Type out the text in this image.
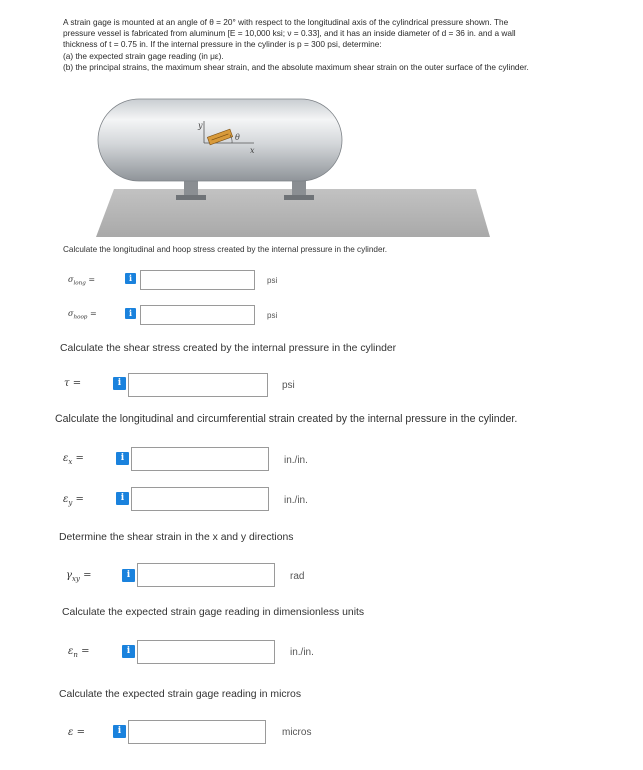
A strain gage is mounted at an angle of θ = 20° with respect to the longitudinal axis of the cylindrical pressure shown. The

pressure vessel is fabricated from aluminum [E = 10,000 ksi; ν = 0.33], and it has an inside diameter of d = 36 in. and a wall

thickness of t = 0.75 in. If the internal pressure in the cylinder is p = 300 psi, determine:

(a) the expected strain gage reading (in με).

(b) the principal strains, the maximum shear strain, and the absolute maximum shear strain on the outer surface of the cylinder.

y
x
θ
Calculate the longitudinal and hoop stress created by the internal pressure in the cylinder.
$\sigma_{long}$ =	i	psi
$\sigma_{hoop}$ =	i	psi
Calculate the shear stress created by the internal pressure in the cylinder
τ =	i	psi
Calculate the longitudinal and circumferential strain created by the internal pressure in the cylinder.
$\varepsilon_x$ =	i	in./in.
$\varepsilon_y$ =	i	in./in.
Determine the shear strain in the x and y directions
$\gamma_{xy}$ =	i	rad
Calculate the expected strain gage reading in dimensionless units
$\varepsilon_n$ =	i	in./in.
Calculate the expected strain gage reading in micros
ε =	i	micros
